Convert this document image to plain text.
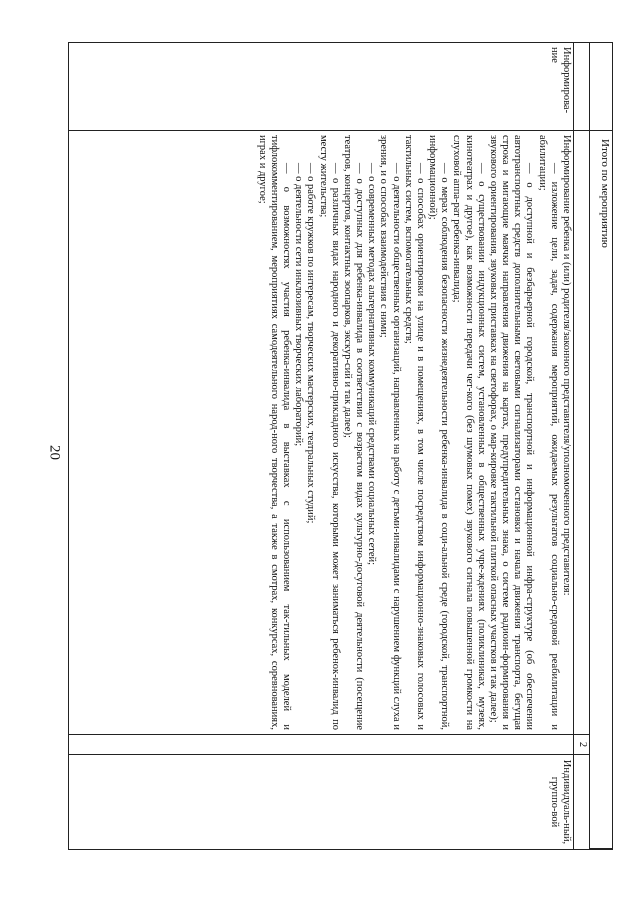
20
Итого по мероприятию
2
Информирова-ние

Информирование ребенка и (или) родителя/законного представителя/уполномоченного представителя:

— изложение цели, задач, содержания мероприятий, ожидаемых результатов социально-средовой реабилитации и абилитации;

— о доступной и безбарьерной городской, транспортной и информационной инфра-структуре (об обеспечении автотранспортных средств дополнительными световыми сигнализаторами остановки и начала движения транспорта, бегущая строка и мигающие маячки направления движения на картах, предупредительных знака, о системе радиоин-формирования и звукового ориентирования, звуковых приставках на светофорах, о мар-кировке тактильной плиткой опасных участков и так далее);

— о существовании индукционных систем, установленных в общественных учре-ждениях (поликлиниках, музеях, кинотеатрах и другое), как возможности передачи чет-кого (без шумовых помех) звукового сигнала повышенной громкости на слуховой аппа-рат ребенка-инвалида;

— о мерах соблюдения безопасности жизнедеятельности ребенка-инвалида в соци-альной среде (городской, транспортной, информационной);

— о способах ориентировки на улице и в помещениях, в том числе посредством информационно-знаковых голосовых и тактильных систем, вспомогательных средств;

— о деятельности общественных организаций, направленных на работу с детьми-инвалидами с нарушением функций слуха и зрения, и о способах взаимодействия с ними;

— о современных методах альтернативных коммуникаций средствами социальных сетей;

— о доступных для ребенка-инвалида в соответствии с возрастом видах культурно-досуговой деятельности (посещение театров, концертов, контактных зоопарков, экскур-сий и так далее);

— о различных видах народного и декоративно-прикладного искусства, которыми может заниматься ребенок-инвалид по месту жительства;

— о работе кружков по интересам, творческих мастерских, театральных студий;

— о деятельности сети инклюзивных творческих лабораторий;

— о возможностях участия ребенка-инвалида в выставках с использованием так-тильных моделей и тифлокомментированием, мероприятиях самодеятельного народ-ного творчества, а также в смотрах, конкурсах, соревнованиях, играх и другое;

Индивидуаль-ный, группо-вой
